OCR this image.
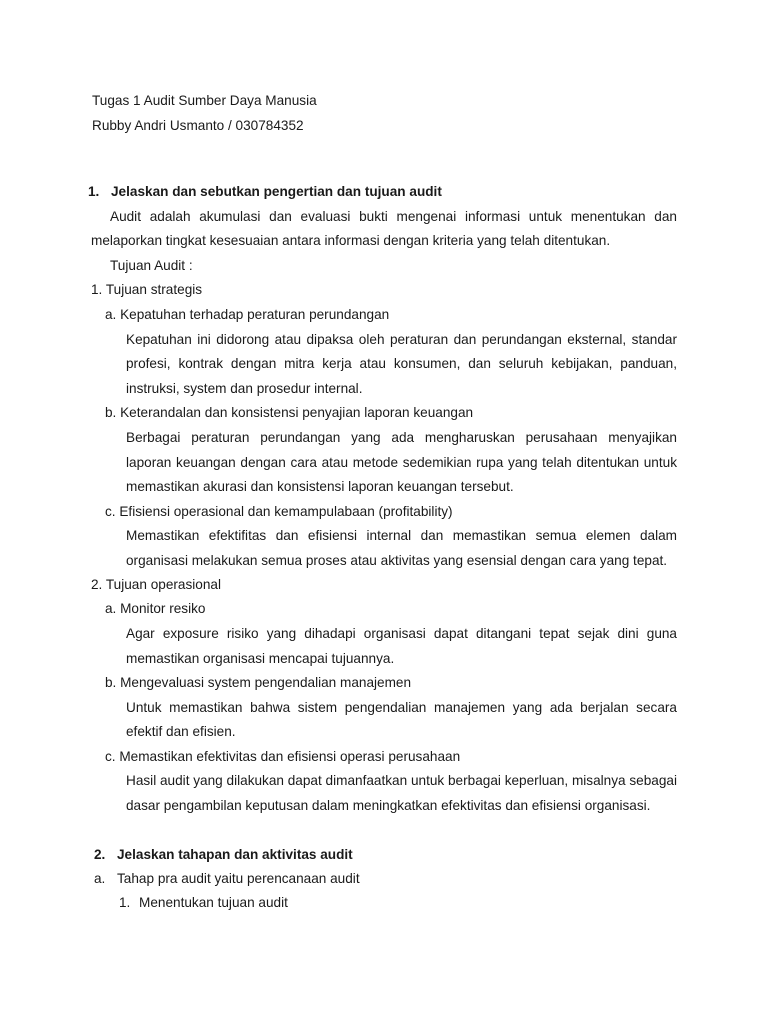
Tugas 1 Audit Sumber Daya Manusia

Rubby Andri Usmanto / 030784352

1. Jelaskan dan sebutkan pengertian dan tujuan audit

Audit adalah akumulasi dan evaluasi bukti mengenai informasi untuk menentukan dan

melaporkan tingkat kesesuaian antara informasi dengan kriteria yang telah ditentukan.

Tujuan Audit :

1. Tujuan strategis

a. Kepatuhan terhadap peraturan perundangan

Kepatuhan ini didorong atau dipaksa oleh peraturan dan perundangan eksternal, standar

profesi, kontrak dengan mitra kerja atau konsumen, dan seluruh kebijakan, panduan,

instruksi, system dan prosedur internal.

b. Keterandalan dan konsistensi penyajian laporan keuangan

Berbagai peraturan perundangan yang ada mengharuskan perusahaan menyajikan

laporan keuangan dengan cara atau metode sedemikian rupa yang telah ditentukan untuk

memastikan akurasi dan konsistensi laporan keuangan tersebut.

c. Efisiensi operasional dan kemampulabaan (profitability)

Memastikan efektifitas dan efisiensi internal dan memastikan semua elemen dalam

organisasi melakukan semua proses atau aktivitas yang esensial dengan cara yang tepat.

2. Tujuan operasional

a. Monitor resiko

Agar exposure risiko yang dihadapi organisasi dapat ditangani tepat sejak dini guna

memastikan organisasi mencapai tujuannya.

b. Mengevaluasi system pengendalian manajemen

Untuk memastikan bahwa sistem pengendalian manajemen yang ada berjalan secara

efektif dan efisien.

c. Memastikan efektivitas dan efisiensi operasi perusahaan

Hasil audit yang dilakukan dapat dimanfaatkan untuk berbagai keperluan, misalnya sebagai

dasar pengambilan keputusan dalam meningkatkan efektivitas dan efisiensi organisasi.

2. Jelaskan tahapan dan aktivitas audit

a. Tahap pra audit yaitu perencanaan audit

1. Menentukan tujuan audit
